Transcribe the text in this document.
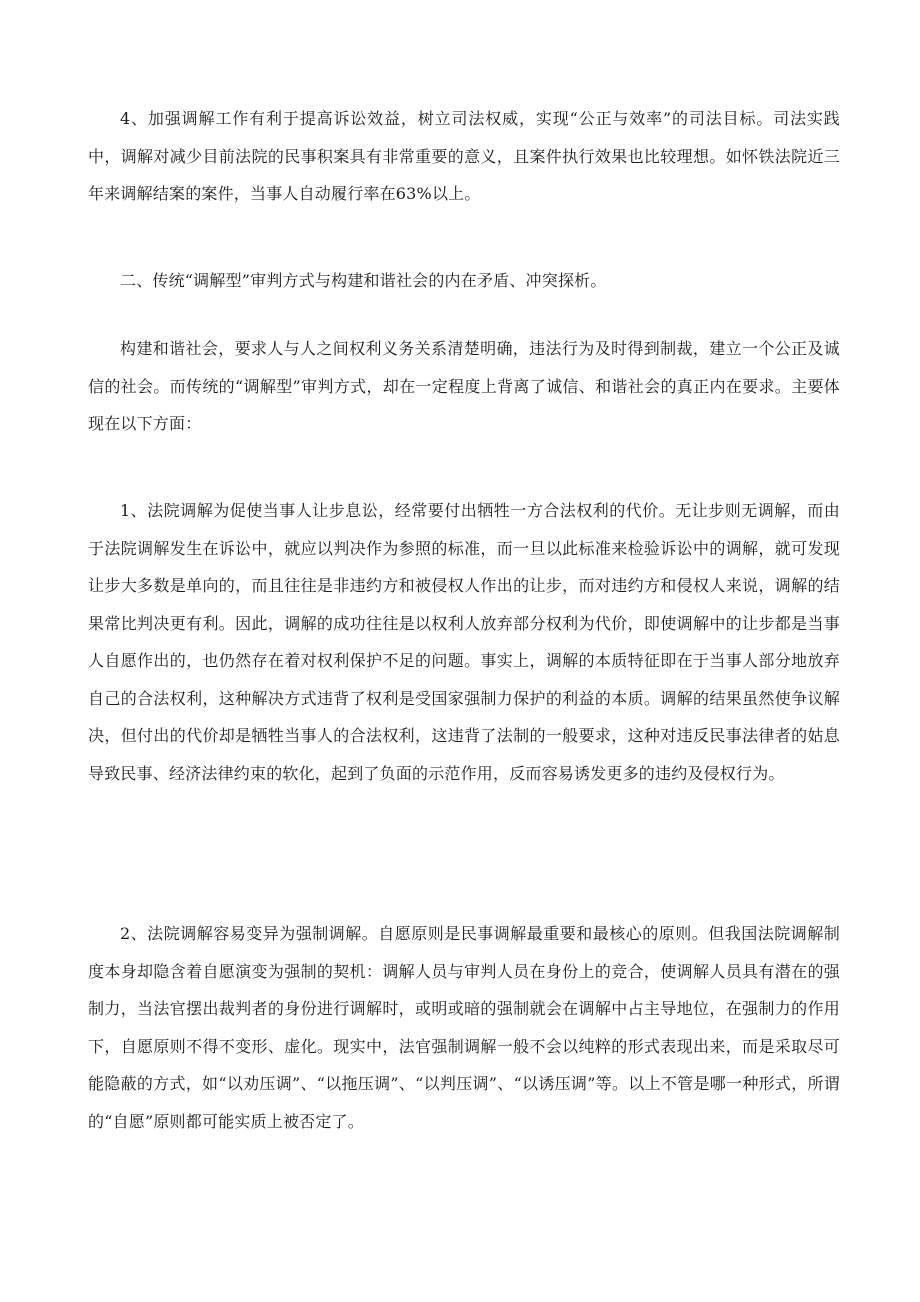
4、加强调解工作有利于提高诉讼效益，树立司法权威，实现“公正与效率”的司法目标。司法实践中，调解对减少目前法院的民事积案具有非常重要的意义，且案件执行效果也比较理想。如怀铁法院近三年来调解结案的案件，当事人自动履行率在63%以上。

二、传统“调解型”审判方式与构建和谐社会的内在矛盾、冲突探析。

构建和谐社会，要求人与人之间权利义务关系清楚明确，违法行为及时得到制裁，建立一个公正及诚信的社会。而传统的“调解型”审判方式，却在一定程度上背离了诚信、和谐社会的真正内在要求。主要体现在以下方面：

1、法院调解为促使当事人让步息讼，经常要付出牺牲一方合法权利的代价。无让步则无调解，而由于法院调解发生在诉讼中，就应以判决作为参照的标准，而一旦以此标准来检验诉讼中的调解，就可发现让步大多数是单向的，而且往往是非违约方和被侵权人作出的让步，而对违约方和侵权人来说，调解的结果常比判决更有利。因此，调解的成功往往是以权利人放弃部分权利为代价，即使调解中的让步都是当事人自愿作出的，也仍然存在着对权利保护不足的问题。事实上，调解的本质特征即在于当事人部分地放弃自己的合法权利，这种解决方式违背了权利是受国家强制力保护的利益的本质。调解的结果虽然使争议解决，但付出的代价却是牺牲当事人的合法权利，这违背了法制的一般要求，这种对违反民事法律者的姑息导致民事、经济法律约束的软化，起到了负面的示范作用，反而容易诱发更多的违约及侵权行为。

2、法院调解容易变异为强制调解。自愿原则是民事调解最重要和最核心的原则。但我国法院调解制度本身却隐含着自愿演变为强制的契机：调解人员与审判人员在身份上的竞合，使调解人员具有潜在的强制力，当法官摆出裁判者的身份进行调解时，或明或暗的强制就会在调解中占主导地位，在强制力的作用下，自愿原则不得不变形、虚化。现实中，法官强制调解一般不会以纯粹的形式表现出来，而是采取尽可能隐蔽的方式，如“以劝压调”、“以拖压调”、“以判压调”、“以诱压调”等。以上不管是哪一种形式，所谓的“自愿”原则都可能实质上被否定了。
